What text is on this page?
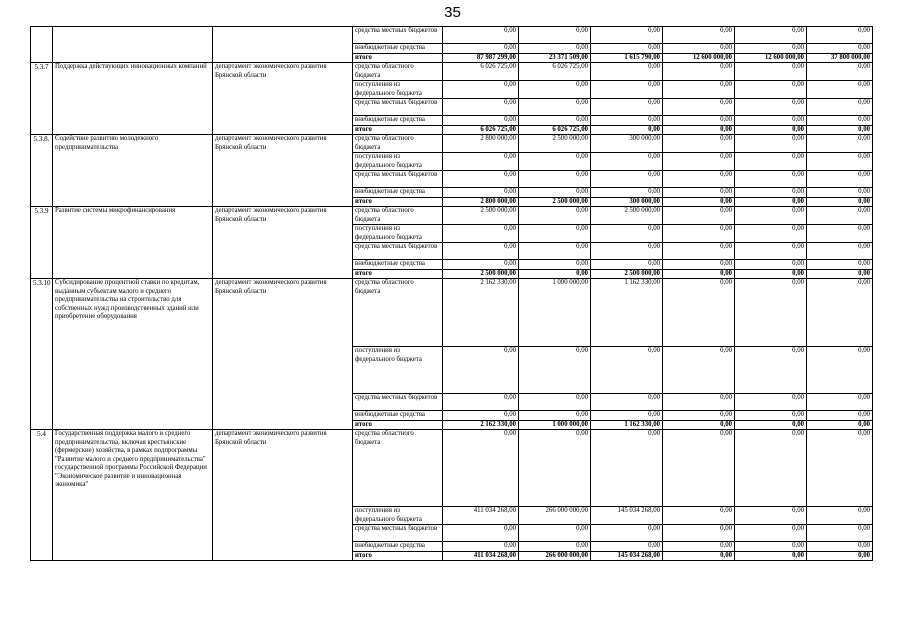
35
			средства местных бюджетов	0,00	0,00	0,00	0,00	0,00	0,00
			внебюджетные средства	0,00	0,00	0,00	0,00	0,00	0,00
			итого	87 987 299,00	23 371 509,00	1 615 790,00	12 600 000,00	12 600 000,00	37 800 000,00
5.3.7	Поддержка действующих инновационных компаний	департамент экономического развития Брянской области	средства областного бюджета	6 026 725,00	6 026 725,00	0,00	0,00	0,00	0,00
			поступления из федерального бюджета	0,00	0,00	0,00	0,00	0,00	0,00
			средства местных бюджетов	0,00	0,00	0,00	0,00	0,00	0,00
			внебюджетные средства	0,00	0,00	0,00	0,00	0,00	0,00
			итого	6 026 725,00	6 026 725,00	0,00	0,00	0,00	0,00
5.3.8.	Содействие развитию молодежного предпринимательства	департамент экономического развития Брянской области	средства областного бюджета	2 800 000,00	2 500 000,00	300 000,00	0,00	0,00	0,00
			поступления из федерального бюджета	0,00	0,00	0,00	0,00	0,00	0,00
			средства местных бюджетов	0,00	0,00	0,00	0,00	0,00	0,00
			внебюджетные средства	0,00	0,00	0,00	0,00	0,00	0,00
			итого	2 800 000,00	2 500 000,00	300 000,00	0,00	0,00	0,00
5.3.9	Развитие системы микрофинансирования	департамент экономического развития Брянской области	средства областного бюджета	2 500 000,00	0,00	2 500 000,00	0,00	0,00	0,00
			поступления из федерального бюджета	0,00	0,00	0,00	0,00	0,00	0,00
			средства местных бюджетов	0,00	0,00	0,00	0,00	0,00	0,00
			внебюджетные средства	0,00	0,00	0,00	0,00	0,00	0,00
			итого	2 500 000,00	0,00	2 500 000,00	0,00	0,00	0,00
5.3.10	Субсидирование процентной ставки по кредитам, выданным субъектам малого и среднего предпринимательства на строительство для собственных нужд производственных зданий или приобретение оборудования	департамент экономического развития Брянской области	средства областного бюджета	2 162 330,00	1 000 000,00	1 162 330,00	0,00	0,00	0,00
			поступления из федерального бюджета	0,00	0,00	0,00	0,00	0,00	0,00
			средства местных бюджетов	0,00	0,00	0,00	0,00	0,00	0,00
			внебюджетные средства	0,00	0,00	0,00	0,00	0,00	0,00
			итого	2 162 330,00	1 000 000,00	1 162 330,00	0,00	0,00	0,00
5.4	Государственная поддержка малого и среднего предпринимательства, включая крестьянские (фермерские) хозяйства, в рамках подпрограммы "Развитие малого и среднего предпринимательства" государственной программы Российской Федерации "Экономическое развитие и инновационная экономика"	департамент экономического развития Брянской области	средства областного бюджета	0,00	0,00	0,00	0,00	0,00	0,00
			поступления из федерального бюджета	411 034 268,00	266 000 000,00	145 034 268,00	0,00	0,00	0,00
			средства местных бюджетов	0,00	0,00	0,00	0,00	0,00	0,00
			внебюджетные средства	0,00	0,00	0,00	0,00	0,00	0,00
			итого	411 034 268,00	266 000 000,00	145 034 268,00	0,00	0,00	0,00
